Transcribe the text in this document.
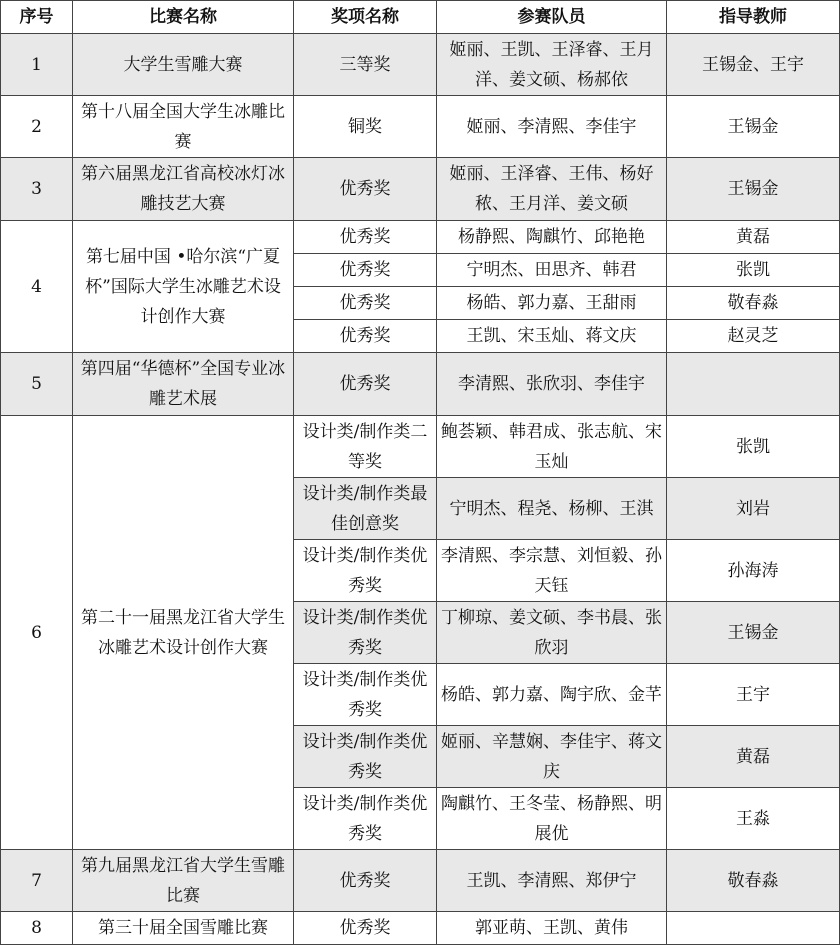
序号	比赛名称	奖项名称	参赛队员	指导教师
1	大学生雪雕大赛	三等奖	姬丽、王凯、王泽睿、王月洋、姜文硕、杨郝依	王锡金、王宇
2	第十八届全国大学生冰雕比赛	铜奖	姬丽、李清熙、李佳宇	王锡金
3	第六届黑龙江省高校冰灯冰雕技艺大赛	优秀奖	姬丽、王泽睿、王伟、杨好秾、王月洋、姜文硕	王锡金
4	第七届中国 •哈尔滨“广夏杯”国际大学生冰雕艺术设计创作大赛	优秀奖	杨静熙、陶麒竹、邱艳艳	黄磊
		优秀奖	宁明杰、田思齐、韩君	张凯
		优秀奖	杨皓、郭力嘉、王甜雨	敬春淼
		优秀奖	王凯、宋玉灿、蒋文庆	赵灵芝
5	第四届“华德杯”全国专业冰雕艺术展	优秀奖	李清熙、张欣羽、李佳宇	
6	第二十一届黑龙江省大学生冰雕艺术设计创作大赛	设计类/制作类二等奖	鲍荟颖、韩君成、张志航、宋玉灿	张凯
		设计类/制作类最佳创意奖	宁明杰、程尧、杨柳、王淇	刘岩
		设计类/制作类优秀奖	李清熙、李宗慧、刘恒毅、孙天钰	孙海涛
		设计类/制作类优秀奖	丁柳琼、姜文硕、李书晨、张欣羽	王锡金
		设计类/制作类优秀奖	杨皓、郭力嘉、陶宇欣、金芊	王宇
		设计类/制作类优秀奖	姬丽、辛慧娴、李佳宇、蒋文庆	黄磊
		设计类/制作类优秀奖	陶麒竹、王冬莹、杨静熙、明展优	王淼
7	第九届黑龙江省大学生雪雕比赛	优秀奖	王凯、李清熙、郑伊宁	敬春淼
8	第三十届全国雪雕比赛	优秀奖	郭亚萌、王凯、黄伟	
